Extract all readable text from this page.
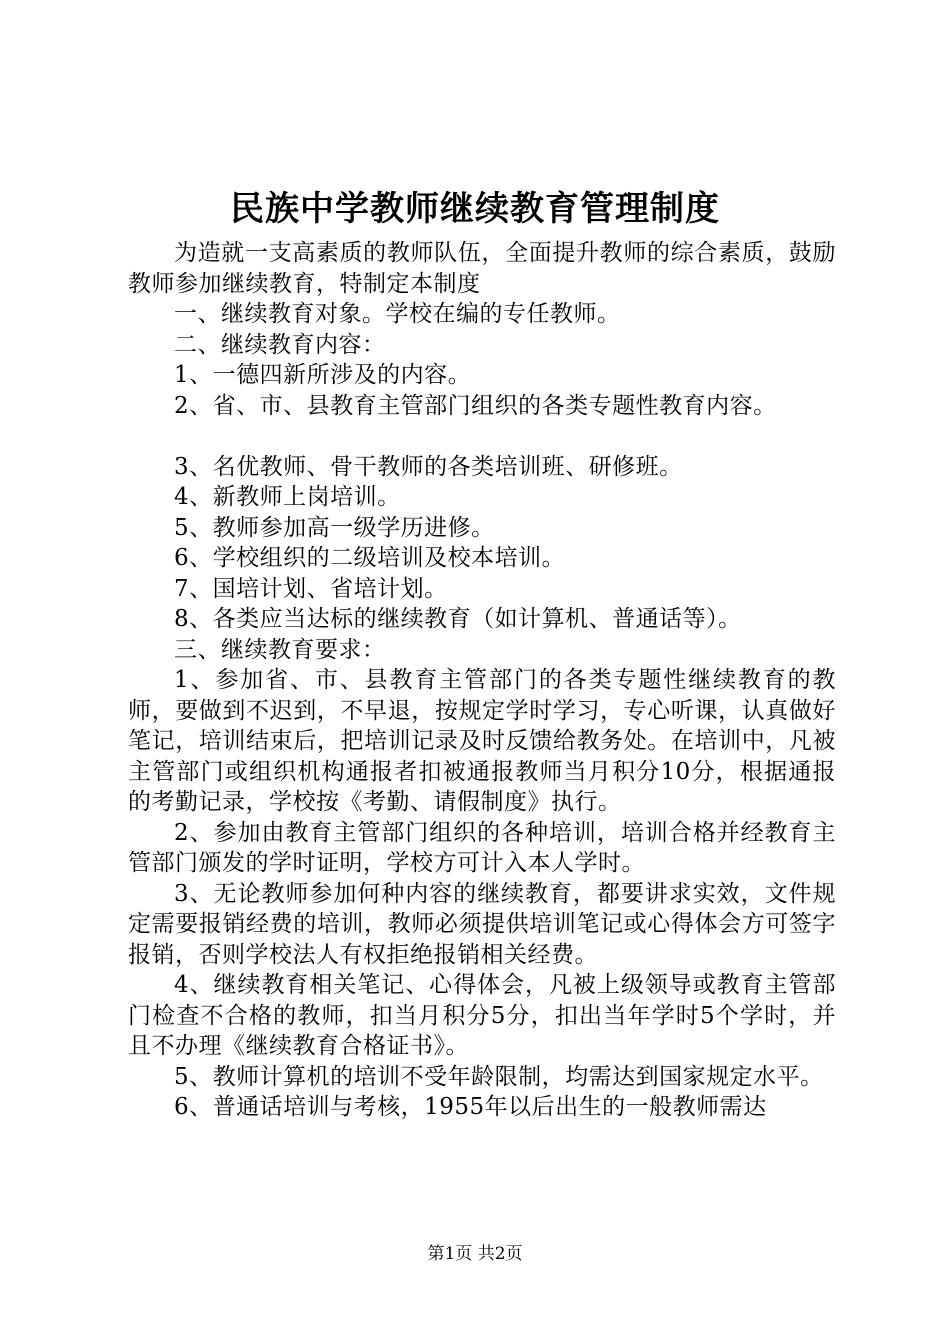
民族中学教师继续教育管理制度

为造就一支高素质的教师队伍，全面提升教师的综合素质，鼓励教师参加继续教育，特制定本制度

一、继续教育对象。学校在编的专任教师。

二、继续教育内容：

1、一德四新所涉及的内容。

2、省、市、县教育主管部门组织的各类专题性教育内容。

3、名优教师、骨干教师的各类培训班、研修班。

4、新教师上岗培训。

5、教师参加高一级学历进修。

6、学校组织的二级培训及校本培训。

7、国培计划、省培计划。

8、各类应当达标的继续教育（如计算机、普通话等）。

三、继续教育要求：

1、参加省、市、县教育主管部门的各类专题性继续教育的教师，要做到不迟到，不早退，按规定学时学习，专心听课，认真做好笔记，培训结束后，把培训记录及时反馈给教务处。在培训中，凡被主管部门或组织机构通报者扣被通报教师当月积分10分，根据通报的考勤记录，学校按《考勤、请假制度》执行。

2、参加由教育主管部门组织的各种培训，培训合格并经教育主管部门颁发的学时证明，学校方可计入本人学时。

3、无论教师参加何种内容的继续教育，都要讲求实效，文件规定需要报销经费的培训，教师必须提供培训笔记或心得体会方可签字报销，否则学校法人有权拒绝报销相关经费。

4、继续教育相关笔记、心得体会，凡被上级领导或教育主管部门检查不合格的教师，扣当月积分5分，扣出当年学时5个学时，并且不办理《继续教育合格证书》。

5、教师计算机的培训不受年龄限制，均需达到国家规定水平。

6、普通话培训与考核，1955年以后出生的一般教师需达

第1页 共2页
